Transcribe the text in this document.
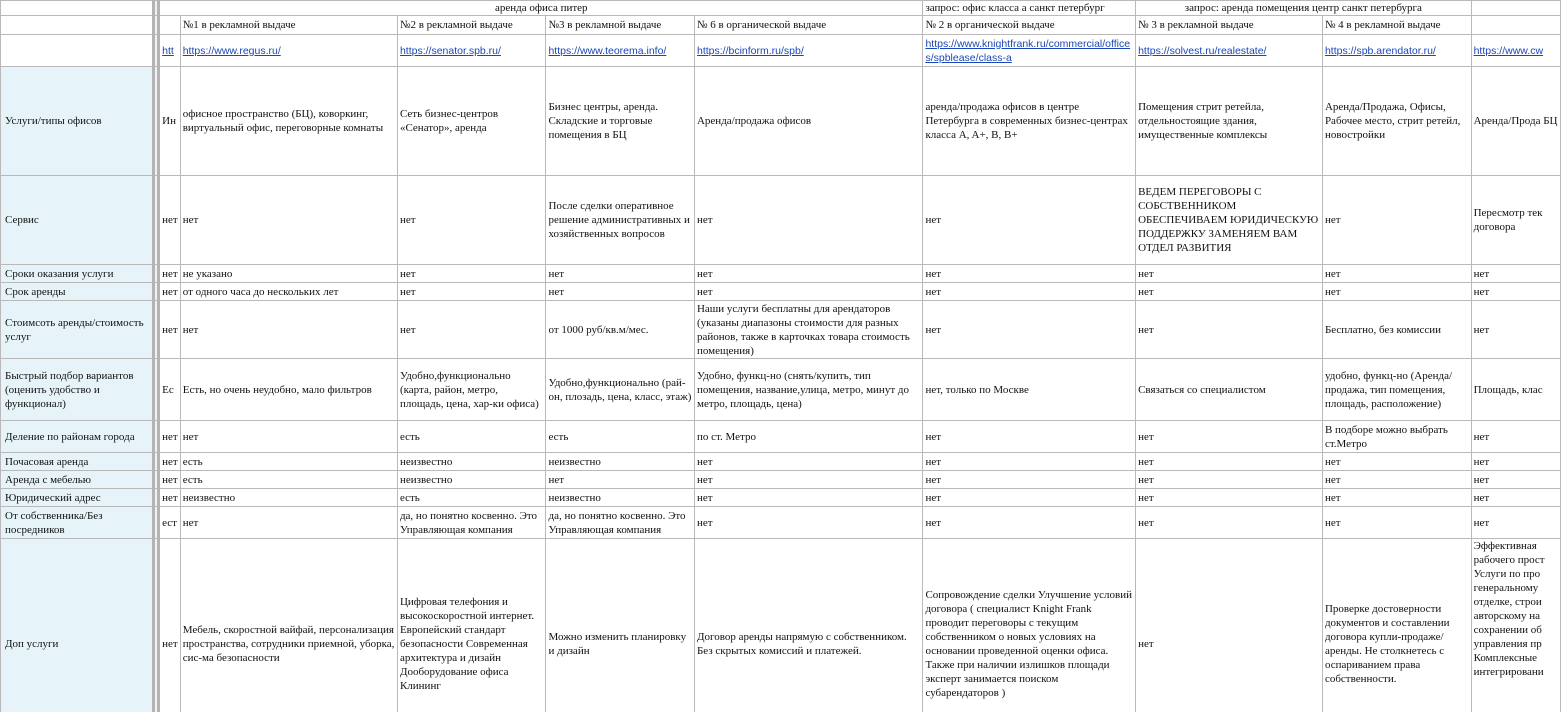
		аренда офиса питер					запрос: офис класса а санкт петербург	запрос: аренда помещения центр санкт петербурга		
			№1 в рекламной выдаче	№2 в рекламной выдаче	№3 в рекламной выдаче	№ 6 в органической выдаче	№ 2 в органической выдаче	№ 3 в рекламной выдаче	№ 4 в рекламной выдаче	
		htt	https://www.regus.ru/	https://senator.spb.ru/	https://www.teorema.info/	https://bcinform.ru/spb/	https://www.knightfrank.ru/commercial/offices/spblease/class-a	https://solvest.ru/realestate/	https://spb.arendator.ru/	https://www.cw
Услуги/типы офисов		Ин	офисное пространство (БЦ), коворкинг, виртуальный офис, переговорные комнаты	Сеть бизнес-центров «Сенатор», аренда	Бизнес центры, аренда. Складские и торговые помещения в БЦ	Аренда/продажа офисов	аренда/продажа офисов в центре Петербурга в современных бизнес-центрах класса A, A+, B, B+	Помещения стрит ретейла, отдельностоящие здания, имущественные комплексы	Аренда/Продажа, Офисы, Рабочее место, стрит ретейл, новостройки	Аренда/Прода БЦ
Сервис		нет	нет	нет	После сделки оперативное решение административных и хозяйственных вопросов	нет	нет	ВЕДЕМ ПЕРЕГОВОРЫ С СОБСТВЕННИКОМ ОБЕСПЕЧИВАЕМ ЮРИДИЧЕСКУЮ ПОДДЕРЖКУ ЗАМЕНЯЕМ ВАМ ОТДЕЛ РАЗВИТИЯ	нет	Пересмотр тек договора
Сроки оказания услуги		нет	не указано	нет	нет	нет	нет	нет	нет	нет
Срок аренды		нет	от одного часа до нескольких лет	нет	нет	нет	нет	нет	нет	нет
Стоимсоть аренды/стоимость услуг		нет	нет	нет	от 1000 руб/кв.м/мес.	Наши услуги бесплатны для арендаторов (указаны диапазоны стоимости для разных районов, также в карточках товара стоимость помещения)	нет	нет	Бесплатно, без комиссии	нет
Быстрый подбор вариантов (оценить удобство и функционал)		Ес	Есть, но очень неудобно, мало фильтров	Удобно,функционально (карта, район, метро, площадь, цена, хар-ки офиса)	Удобно,функционально (рай-он, плозадь, цена, класс, этаж)	Удобно, функц-но (снять/купить, тип помещения, название,улица, метро, минут до метро, площадь, цена)	нет, только по Москве	Связаться со специалистом	удобно, функц-но (Аренда/продажа, тип помещения, площадь, расположение)	Площадь, клас
Деление по районам города		нет	нет	есть	есть	по ст. Метро	нет	нет	В подборе можно выбрать ст.Метро	нет
Почасовая аренда		нет	есть	неизвестно	неизвестно	нет	нет	нет	нет	нет
Аренда с мебелью		нет	есть	неизвестно	нет	нет	нет	нет	нет	нет
Юридический адрес		нет	неизвестно	есть	неизвестно	нет	нет	нет	нет	нет
От собственника/Без посредников		ест	нет	да, но понятно косвенно. Это Управляющая компания	да, но понятно косвенно. Это Управляющая компания	нет	нет	нет	нет	нет
Доп услуги		нет	Мебель, скоростной вайфай, персонализация пространства, сотрудники приемной, уборка, сис-ма безопасности	Цифровая телефония и высокоскоростной интернет. Европейский стандарт безопасности Современная архитектура и дизайн Дооборудование офиса Клининг	Можно изменить планировку и дизайн	Договор аренды напрямую с собственником. Без скрытых комиссий и платежей.	Сопровождение сделки Улучшение условий договора ( специалист Knight Frank проводит переговоры с текущим собственником о новых условиях на основании проведенной оценки офиса. Также при наличии излишков площади эксперт занимается поиском субарендаторов )	нет	Проверке достоверности документов и составлении договора купли-продаже/аренды. Не столкнетесь с оспариванием права собственности.	Эффективная рабочего прост Услуги по про генеральному отделке, строи авторскому на сохранении об управления пр Комплексные интегрировани
